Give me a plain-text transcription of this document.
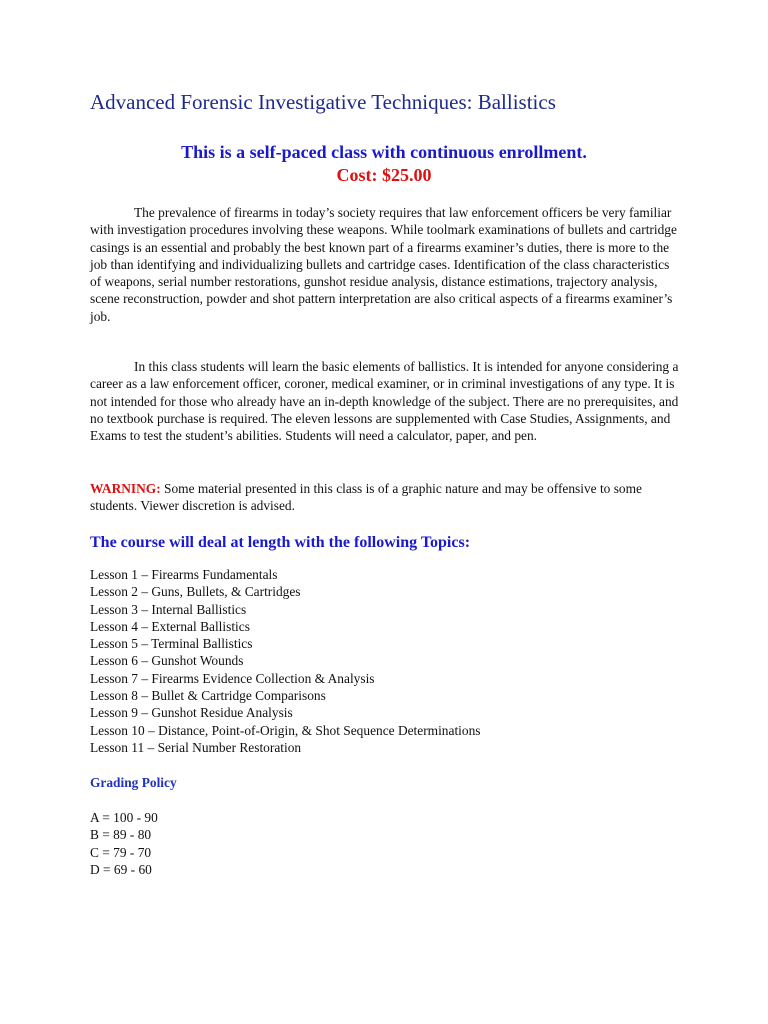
Advanced Forensic Investigative Techniques: Ballistics

This is a self-paced class with continuous enrollment.

Cost: $25.00

The prevalence of firearms in today’s society requires that law enforcement officers be very familiar with investigation procedures involving these weapons. While toolmark examinations of bullets and cartridge casings is an essential and probably the best known part of a firearms examiner’s duties, there is more to the job than identifying and individualizing bullets and cartridge cases. Identification of the class characteristics of weapons, serial number restorations, gunshot residue analysis, distance estimations, trajectory analysis, scene reconstruction, powder and shot pattern interpretation are also critical aspects of a firearms examiner’s job.

In this class students will learn the basic elements of ballistics. It is intended for anyone considering a career as a law enforcement officer, coroner, medical examiner, or in criminal investigations of any type. It is not intended for those who already have an in-depth knowledge of the subject. There are no prerequisites, and no textbook purchase is required. The eleven lessons are supplemented with Case Studies, Assignments, and Exams to test the student’s abilities. Students will need a calculator, paper, and pen.

WARNING: Some material presented in this class is of a graphic nature and may be offensive to some students. Viewer discretion is advised.

The course will deal at length with the following Topics:
Lesson 1 – Firearms Fundamentals
Lesson 2 – Guns, Bullets, & Cartridges
Lesson 3 – Internal Ballistics
Lesson 4 – External Ballistics
Lesson 5 – Terminal Ballistics
Lesson 6 – Gunshot Wounds
Lesson 7 – Firearms Evidence Collection & Analysis
Lesson 8 – Bullet & Cartridge Comparisons
Lesson 9 – Gunshot Residue Analysis
Lesson 10 – Distance, Point-of-Origin, & Shot Sequence Determinations
Lesson 11 – Serial Number Restoration
Grading Policy
A = 100 - 90
B = 89 - 80
C = 79 - 70
D = 69 - 60
